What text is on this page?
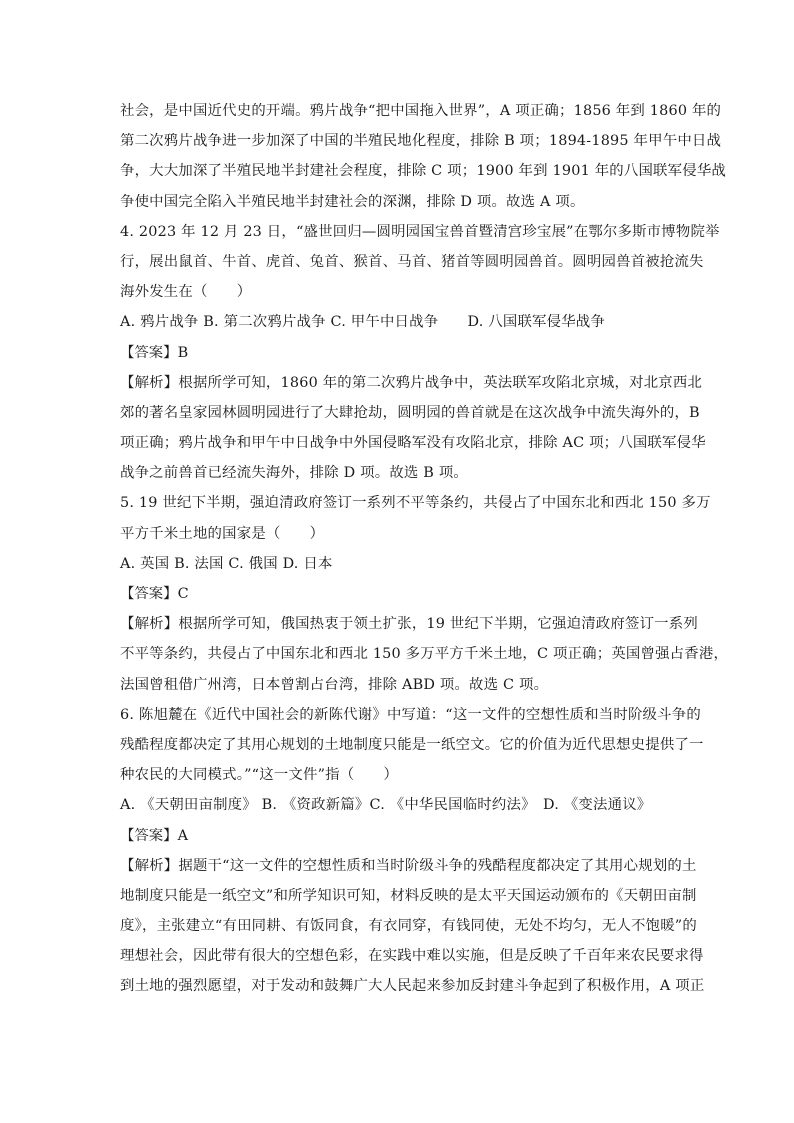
社会，是中国近代史的开端。鸦片战争“把中国拖入世界”，A 项正确；1856 年到 1860 年的
第二次鸦片战争进一步加深了中国的半殖民地化程度，排除 B 项；1894-1895 年甲午中日战
争，大大加深了半殖民地半封建社会程度，排除 C 项；1900 年到 1901 年的八国联军侵华战
争使中国完全陷入半殖民地半封建社会的深渊，排除 D 项。故选 A 项。
4. 2023 年 12 月 23 日，“盛世回归—圆明园国宝兽首暨清宫珍宝展”在鄂尔多斯市博物院举
行，展出鼠首、牛首、虎首、兔首、猴首、马首、猪首等圆明园兽首。圆明园兽首被抢流失
海外发生在（　　）
A. 鸦片战争 B. 第二次鸦片战争 C. 甲午中日战争　　D. 八国联军侵华战争
【答案】B
【解析】根据所学可知，1860 年的第二次鸦片战争中，英法联军攻陷北京城，对北京西北
郊的著名皇家园林圆明园进行了大肆抢劫，圆明园的兽首就是在这次战争中流失海外的，B
项正确；鸦片战争和甲午中日战争中外国侵略军没有攻陷北京，排除 AC 项；八国联军侵华
战争之前兽首已经流失海外，排除 D 项。故选 B 项。
5. 19 世纪下半期，强迫清政府签订一系列不平等条约，共侵占了中国东北和西北 150 多万
平方千米土地的国家是（　　）
A. 英国 B. 法国 C. 俄国 D. 日本
【答案】C
【解析】根据所学可知，俄国热衷于领土扩张，19 世纪下半期，它强迫清政府签订一系列
不平等条约，共侵占了中国东北和西北 150 多万平方千米土地，C 项正确；英国曾强占香港，
法国曾租借广州湾，日本曾割占台湾，排除 ABD 项。故选 C 项。
6. 陈旭麓在《近代中国社会的新陈代谢》中写道：“这一文件的空想性质和当时阶级斗争的
残酷程度都决定了其用心规划的土地制度只能是一纸空文。它的价值为近代思想史提供了一
种农民的大同模式。”“这一文件”指（　　）
A. 《天朝田亩制度》 B. 《资政新篇》C. 《中华民国临时约法》　D. 《变法通议》
【答案】A
【解析】据题干“这一文件的空想性质和当时阶级斗争的残酷程度都决定了其用心规划的土
地制度只能是一纸空文”和所学知识可知，材料反映的是太平天国运动颁布的《天朝田亩制
度》，主张建立“有田同耕、有饭同食，有衣同穿，有钱同使，无处不均匀，无人不饱暖”的
理想社会，因此带有很大的空想色彩，在实践中难以实施，但是反映了千百年来农民要求得
到土地的强烈愿望，对于发动和鼓舞广大人民起来参加反封建斗争起到了积极作用，A 项正
